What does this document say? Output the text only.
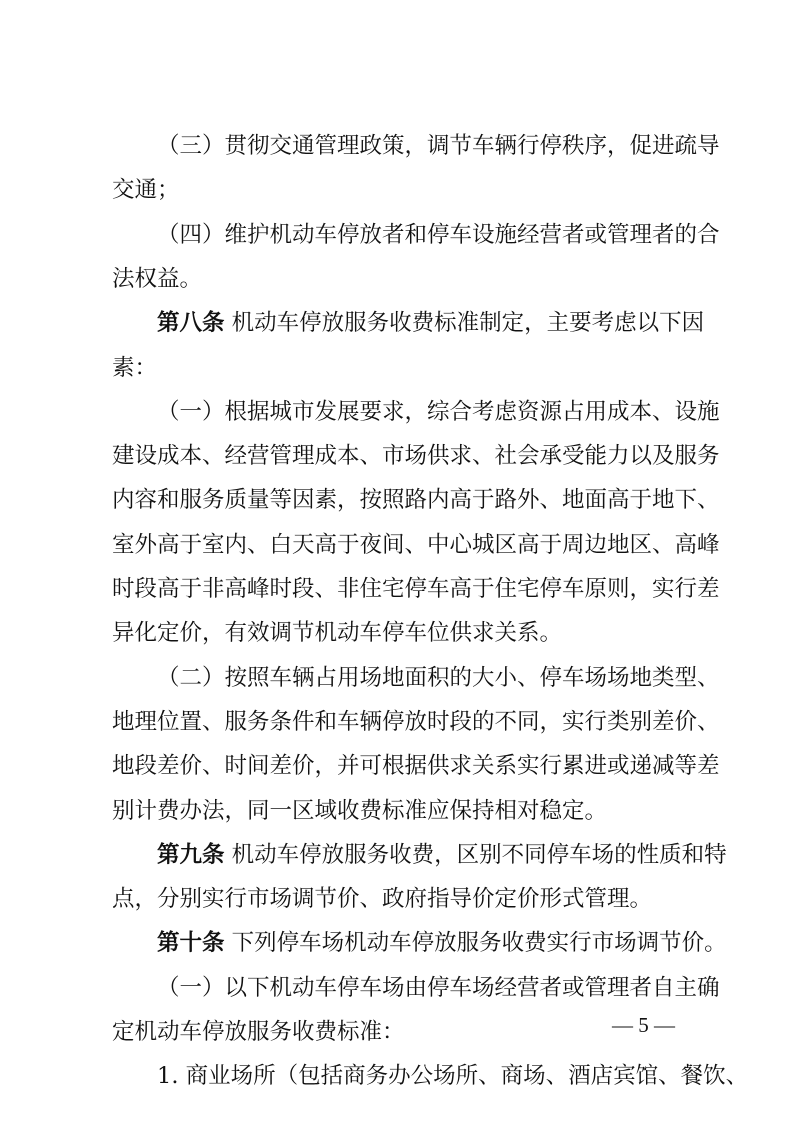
（三）贯彻交通管理政策，调节车辆行停秩序，促进疏导
交通；
（四）维护机动车停放者和停车设施经营者或管理者的合
法权益。
第八条 机动车停放服务收费标准制定，主要考虑以下因
素：
（一）根据城市发展要求，综合考虑资源占用成本、设施
建设成本、经营管理成本、市场供求、社会承受能力以及服务
内容和服务质量等因素，按照路内高于路外、地面高于地下、
室外高于室内、白天高于夜间、中心城区高于周边地区、高峰
时段高于非高峰时段、非住宅停车高于住宅停车原则，实行差
异化定价，有效调节机动车停车位供求关系。
（二）按照车辆占用场地面积的大小、停车场场地类型、
地理位置、服务条件和车辆停放时段的不同，实行类别差价、
地段差价、时间差价，并可根据供求关系实行累进或递减等差
别计费办法，同一区域收费标准应保持相对稳定。
第九条 机动车停放服务收费，区别不同停车场的性质和特
点，分别实行市场调节价、政府指导价定价形式管理。
第十条 下列停车场机动车停放服务收费实行市场调节价。
（一）以下机动车停车场由停车场经营者或管理者自主确
定机动车停放服务收费标准：
1. 商业场所（包括商务办公场所、商场、酒店宾馆、餐饮、
— 5 —
